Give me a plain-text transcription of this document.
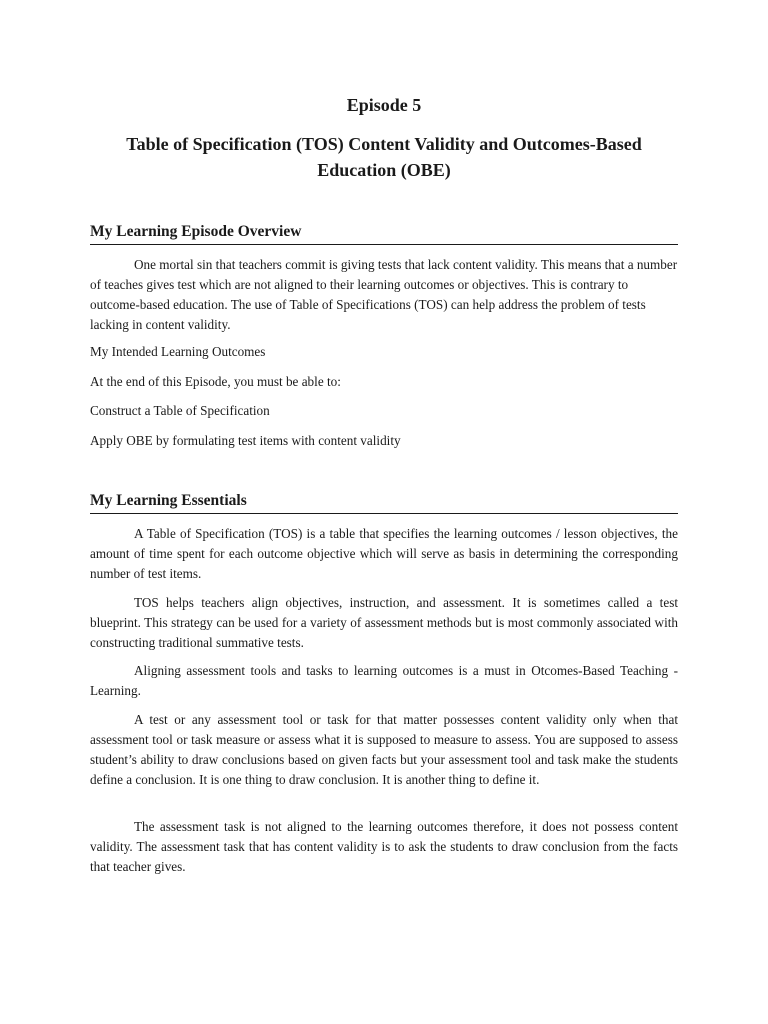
Episode 5
Table of Specification (TOS) Content Validity and Outcomes-Based Education (OBE)
My Learning Episode Overview

One mortal sin that teachers commit is giving tests that lack content validity. This means that a number of teaches gives test which are not aligned to their learning outcomes or objectives. This is contrary to outcome-based education. The use of Table of Specifications (TOS) can help address the problem of tests lacking in content validity.

My Intended Learning Outcomes

At the end of this Episode, you must be able to:

Construct a Table of Specification

Apply OBE by formulating test items with content validity

My Learning Essentials

A Table of Specification (TOS) is a table that specifies the learning outcomes / lesson objectives, the amount of time spent for each outcome objective which will serve as basis in determining the corresponding number of test items.

TOS helps teachers align objectives, instruction, and assessment. It is sometimes called a test blueprint. This strategy can be used for a variety of assessment methods but is most commonly associated with constructing traditional summative tests.

Aligning assessment tools and tasks to learning outcomes is a must in Otcomes-Based Teaching -Learning.

A test or any assessment tool or task for that matter possesses content validity only when that assessment tool or task measure or assess what it is supposed to measure to assess. You are supposed to assess student’s ability to draw conclusions based on given facts but your assessment tool and task make the students define a conclusion. It is one thing to draw conclusion. It is another thing to define it.

The assessment task is not aligned to the learning outcomes therefore, it does not possess content validity. The assessment task that has content validity is to ask the students to draw conclusion from the facts that teacher gives.
